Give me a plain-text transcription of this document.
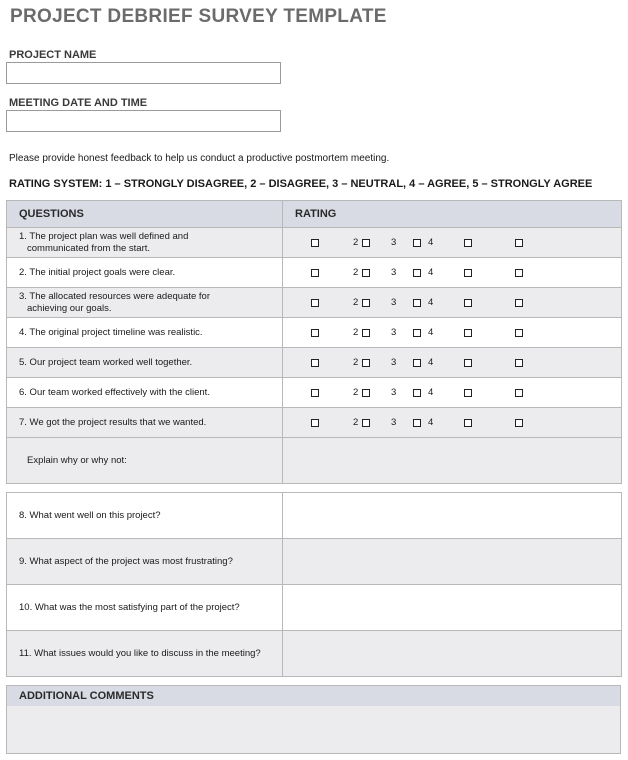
PROJECT DEBRIEF SURVEY TEMPLATE
PROJECT NAME
MEETING DATE AND TIME
Please provide honest feedback to help us conduct a productive postmortem meeting.
RATING SYSTEM: 1 – STRONGLY DISAGREE, 2 – DISAGREE, 3 – NEUTRAL, 4 – AGREE, 5 – STRONGLY AGREE
QUESTIONS	RATING
1. The project plan was well defined and
communicated from the start.	2 3 4

2. The initial project goals were clear.	2 3 4

3. The allocated resources were adequate for
achieving our goals.	2 3 4

4. The original project timeline was realistic.	2 3 4

5. Our project team worked well together.	2 3 4

6. Our team worked effectively with the client.	2 3 4

7. We got the project results that we wanted.	2 3 4

Explain why or why not:	
8. What went well on this project?	
9. What aspect of the project was most frustrating?	
10. What was the most satisfying part of the project?	
11. What issues would you like to discuss in the meeting?	
ADDITIONAL COMMENTS
